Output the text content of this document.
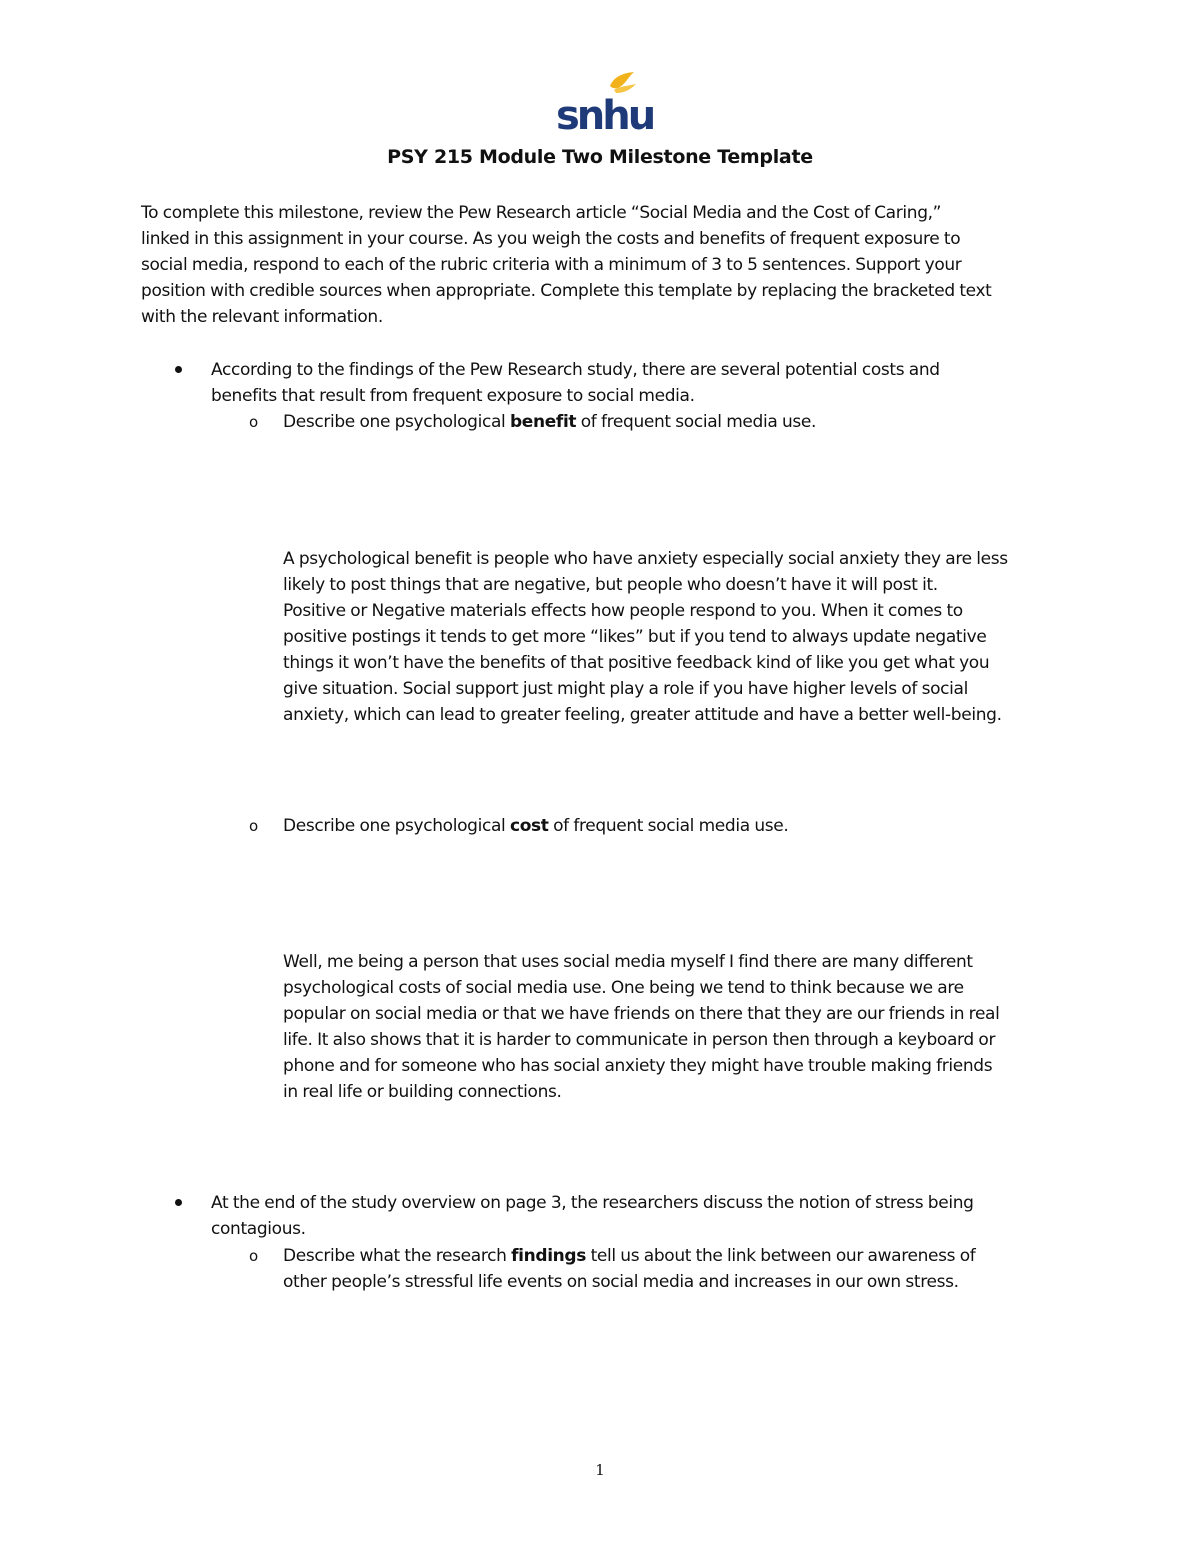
snhu
PSY 215 Module Two Milestone Template
To complete this milestone, review the Pew Research article “Social Media and the Cost of Caring,”
linked in this assignment in your course. As you weigh the costs and benefits of frequent exposure to
social media, respond to each of the rubric criteria with a minimum of 3 to 5 sentences. Support your
position with credible sources when appropriate. Complete this template by replacing the bracketed text
with the relevant information.
According to the findings of the Pew Research study, there are several potential costs and
benefits that result from frequent exposure to social media.
o Describe one psychological benefit of frequent social media use.
A psychological benefit is people who have anxiety especially social anxiety they are less
likely to post things that are negative, but people who doesn’t have it will post it.
Positive or Negative materials effects how people respond to you. When it comes to
positive postings it tends to get more “likes” but if you tend to always update negative
things it won’t have the benefits of that positive feedback kind of like you get what you
give situation. Social support just might play a role if you have higher levels of social
anxiety, which can lead to greater feeling, greater attitude and have a better well-being.
o Describe one psychological cost of frequent social media use.
Well, me being a person that uses social media myself I find there are many different
psychological costs of social media use. One being we tend to think because we are
popular on social media or that we have friends on there that they are our friends in real
life. It also shows that it is harder to communicate in person then through a keyboard or
phone and for someone who has social anxiety they might have trouble making friends
in real life or building connections.
At the end of the study overview on page 3, the researchers discuss the notion of stress being
contagious.
o Describe what the research findings tell us about the link between our awareness of
other people’s stressful life events on social media and increases in our own stress.
1
